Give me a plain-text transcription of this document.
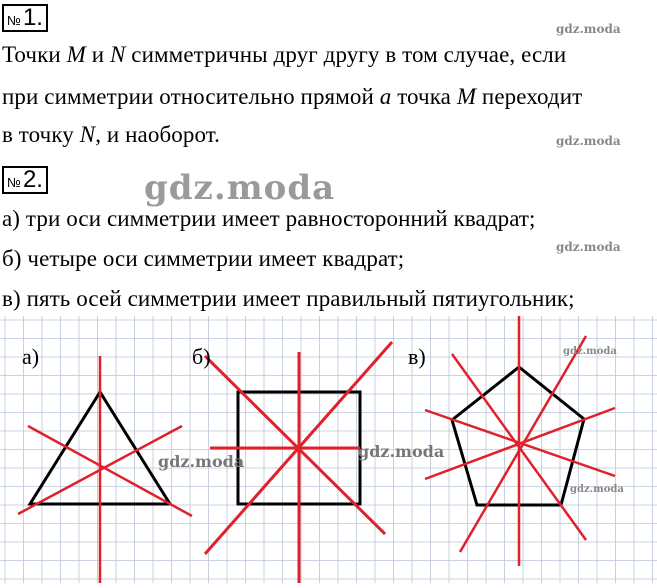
№ 1.
Точки M и N симметричны друг другу в том случае, если
при симметрии относительно прямой a точка M переходит
в точку N, и наоборот.
№ 2.
а) три оси симметрии имеет равносторонний квадрат;
б) четыре оси симметрии имеет квадрат;
в) пять осей симметрии имеет правильный пятиугольник;
gdz.moda
gdz.moda
gdz.moda
gdz.moda
а)	б)	в)
gdz.moda
gdz.moda
gdz.moda
gdz.moda
